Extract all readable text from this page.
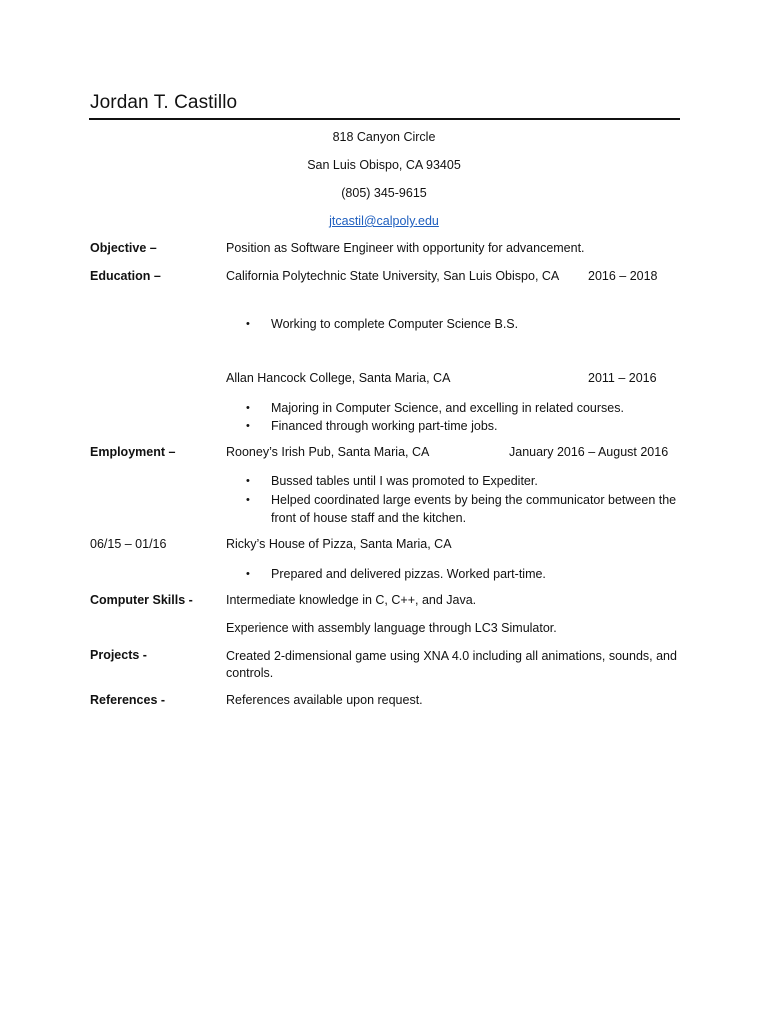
Jordan T. Castillo
818 Canyon Circle
San Luis Obispo, CA 93405
(805) 345-9615
jtcastil@calpoly.edu
Objective –	Position as Software Engineer with opportunity for advancement.
Education –	California Polytechnic State University, San Luis Obispo, CA 2016 – 2018
• Working to complete Computer Science B.S.
Allan Hancock College, Santa Maria, CA	2011 – 2016
• Majoring in Computer Science, and excelling in related courses.
• Financed through working part-time jobs.
Employment –	Rooney’s Irish Pub, Santa Maria, CA	January 2016 – August 2016
• Bussed tables until I was promoted to Expediter.
• Helped coordinated large events by being the communicator between the front of house staff and the kitchen.
06/15 – 01/16	Ricky’s House of Pizza, Santa Maria, CA
• Prepared and delivered pizzas. Worked part-time.
Computer Skills -	Intermediate knowledge in C, C++, and Java.
Experience with assembly language through LC3 Simulator.
Projects -	Created 2-dimensional game using XNA 4.0 including all animations, sounds, and controls.
References -	References available upon request.
